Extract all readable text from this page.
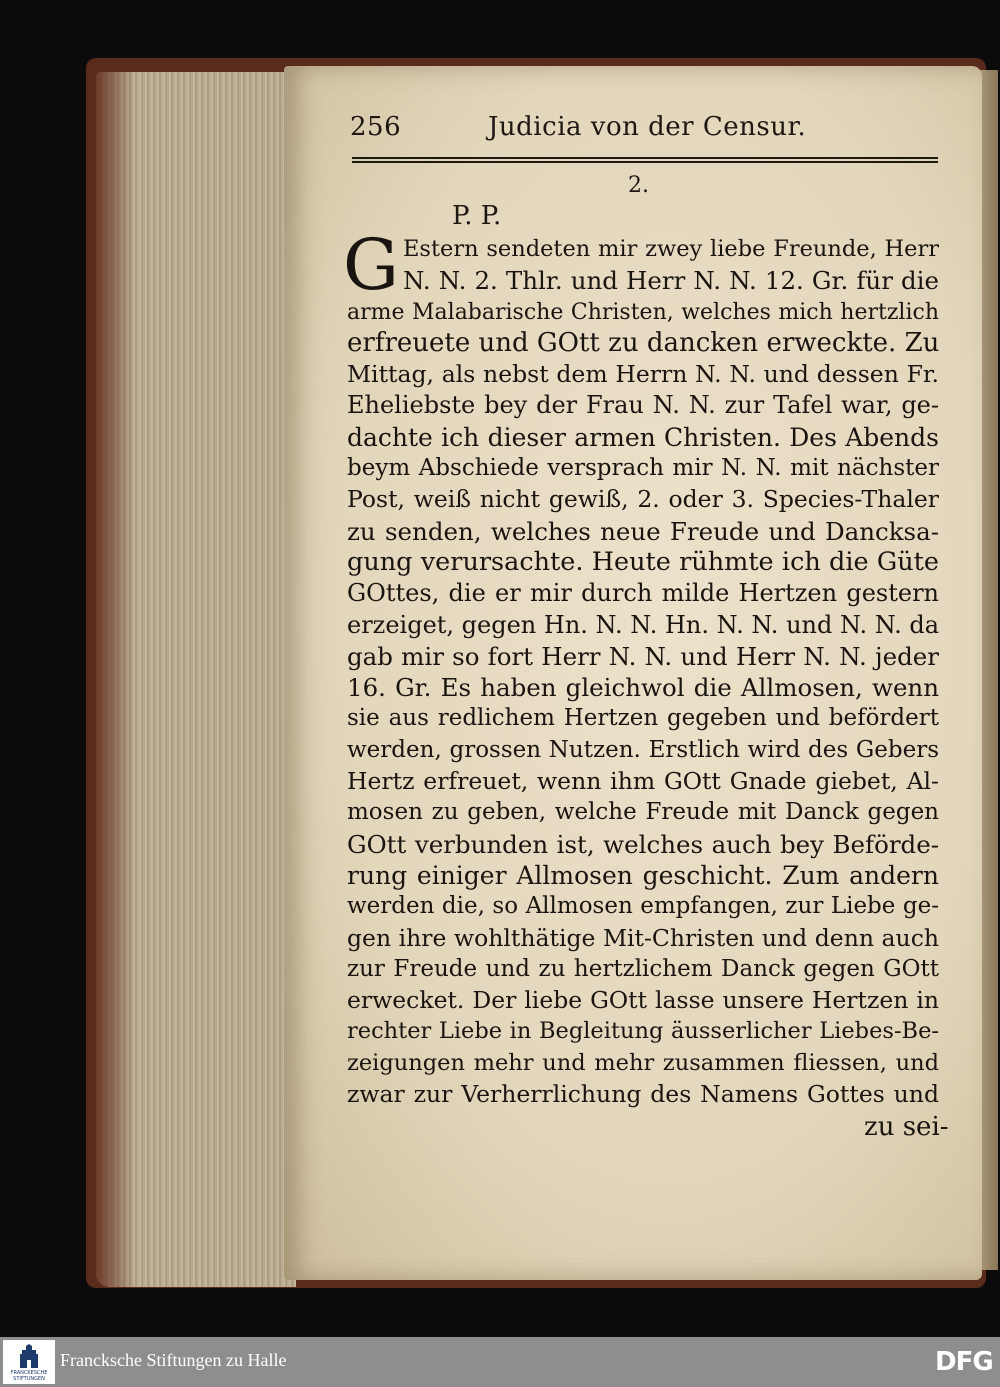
256	Judicia von der Censur.
2.
P. P.
G Estern sendeten mir zwey liebe Freunde, Herr
N. N. 2. Thlr. und Herr N. N. 12. Gr. für die
arme Malabarische Christen, welches mich hertzlich
erfreuete und GOtt zu dancken erweckte. Zu
Mittag, als nebst dem Herrn N. N. und dessen Fr.
Eheliebste bey der Frau N. N. zur Tafel war, ge-
dachte ich dieser armen Christen. Des Abends
beym Abschiede versprach mir N. N. mit nächster
Post, weiß nicht gewiß, 2. oder 3. Species-Thaler
zu senden, welches neue Freude und Dancksa-
gung verursachte. Heute rühmte ich die Güte
GOttes, die er mir durch milde Hertzen gestern
erzeiget, gegen Hn. N. N. Hn. N. N. und N. N. da
gab mir so fort Herr N. N. und Herr N. N. jeder
16. Gr. Es haben gleichwol die Allmosen, wenn
sie aus redlichem Hertzen gegeben und befördert
werden, grossen Nutzen. Erstlich wird des Gebers
Hertz erfreuet, wenn ihm GOtt Gnade giebet, Al-
mosen zu geben, welche Freude mit Danck gegen
GOtt verbunden ist, welches auch bey Beförde-
rung einiger Allmosen geschicht. Zum andern
werden die, so Allmosen empfangen, zur Liebe ge-
gen ihre wohlthätige Mit-Christen und denn auch
zur Freude und zu hertzlichem Danck gegen GOtt
erwecket. Der liebe GOtt lasse unsere Hertzen in
rechter Liebe in Begleitung äusserlicher Liebes-Be-
zeigungen mehr und mehr zusammen fliessen, und
zwar zur Verherrlichung des Namens Gottes und
zu sei-
FRANCKESCHE STIFTUNGEN
Francksche Stiftungen zu Halle	DFG
